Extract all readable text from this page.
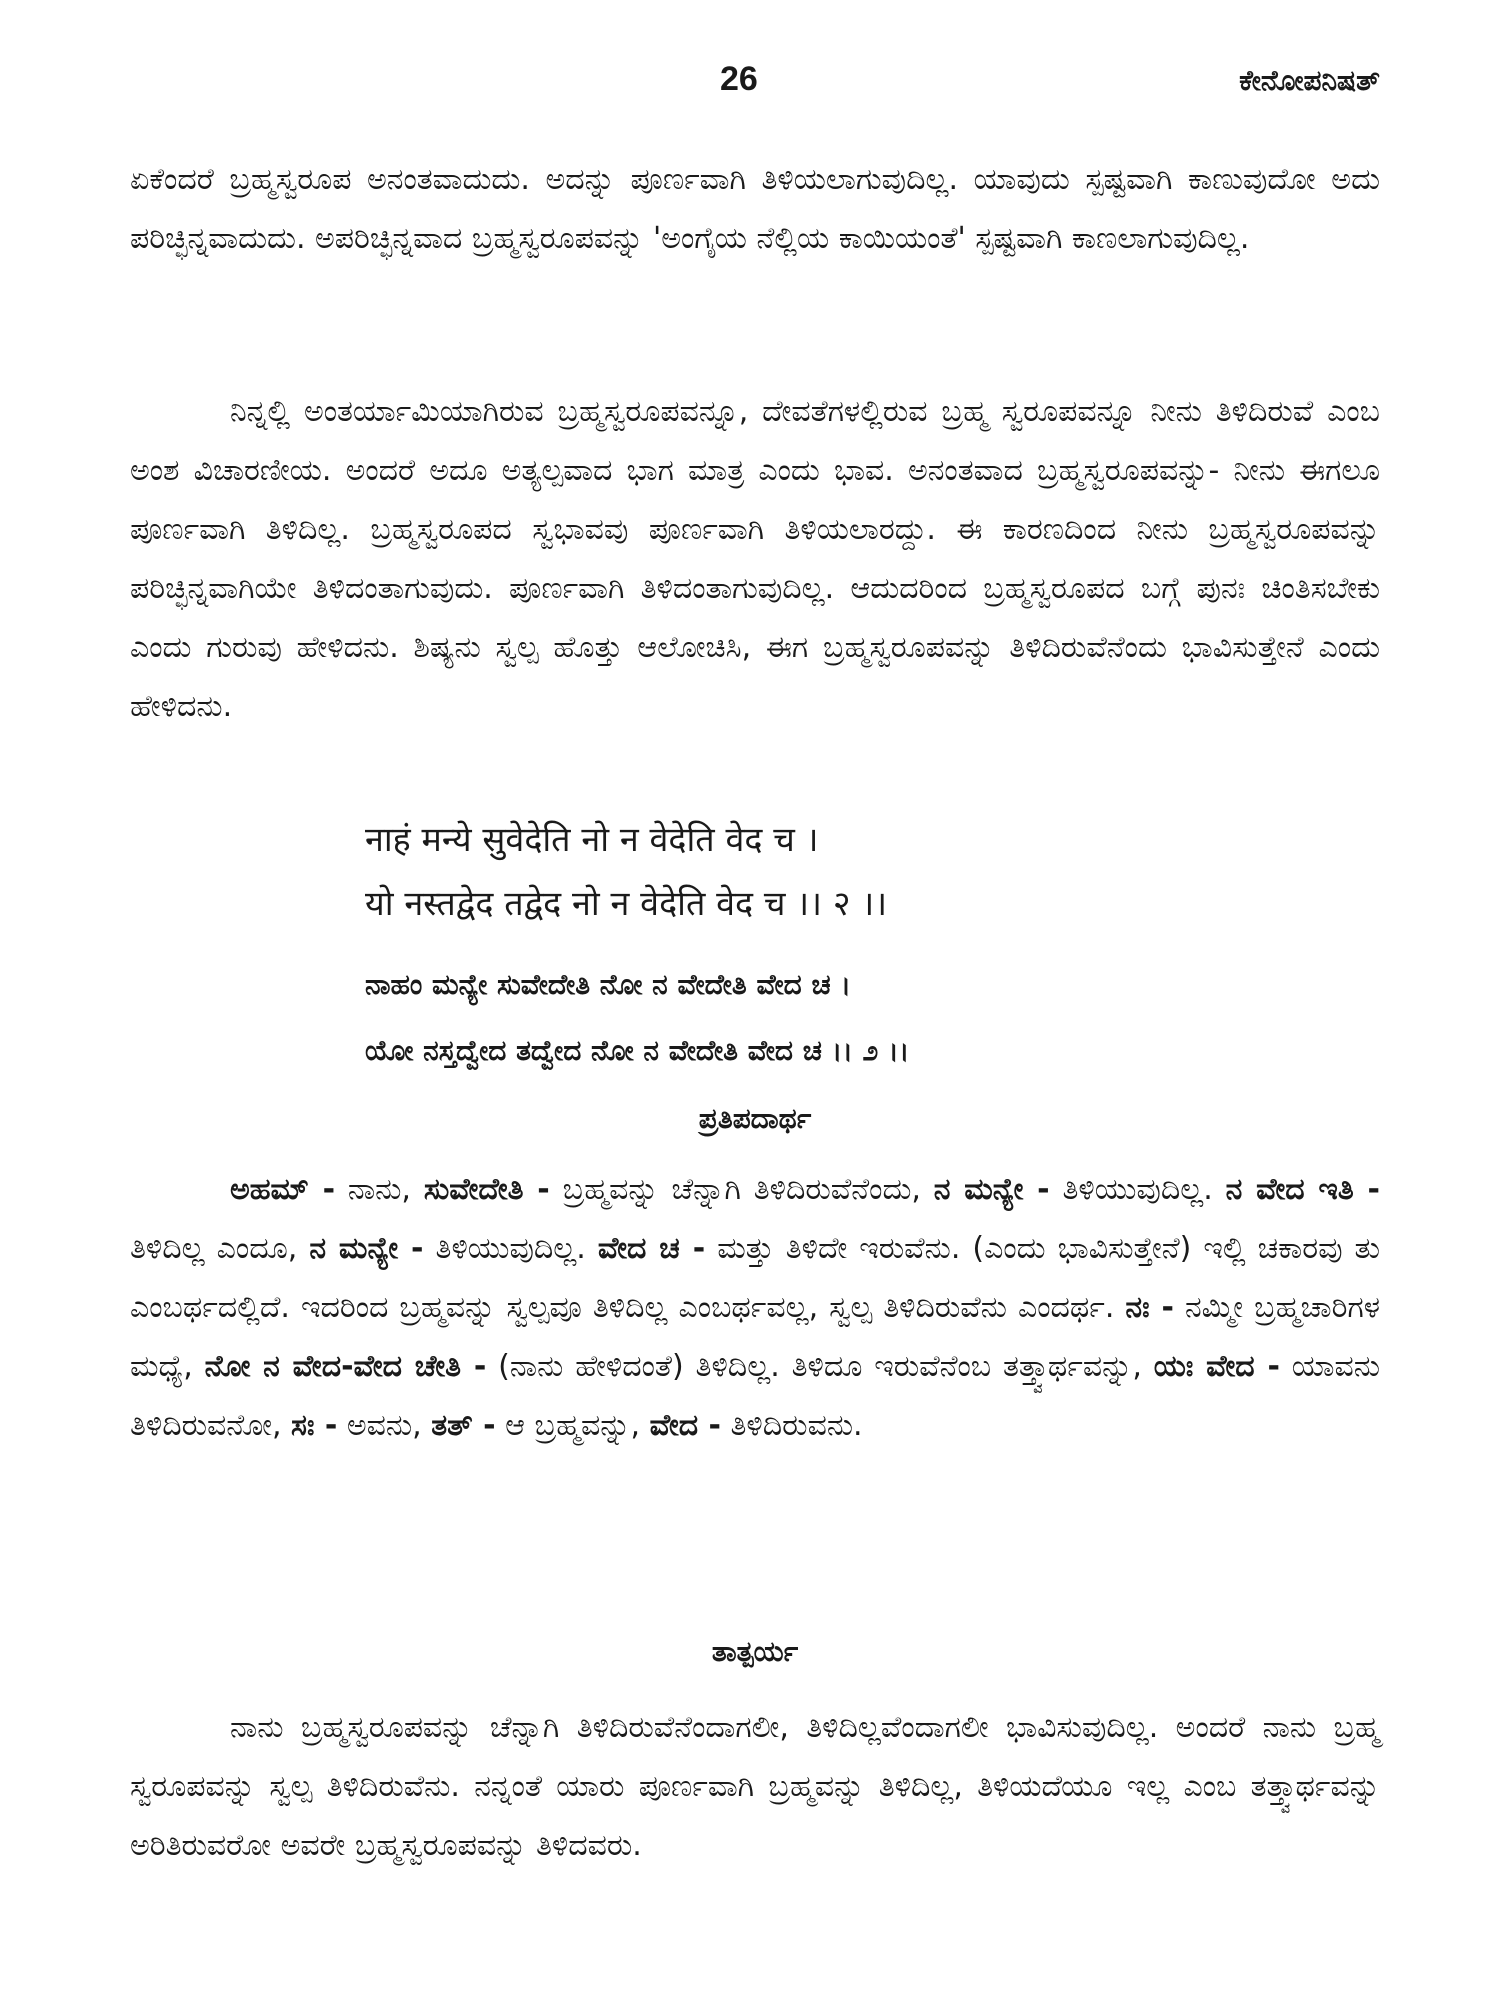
26	ಕೇನೋಪನಿಷತ್

ಏಕೆಂದರೆ ಬ್ರಹ್ಮಸ್ವರೂಪ ಅನಂತವಾದುದು. ಅದನ್ನು ಪೂರ್ಣವಾಗಿ ತಿಳಿಯಲಾಗುವುದಿಲ್ಲ. ಯಾವುದು ಸ್ಪಷ್ಟವಾಗಿ ಕಾಣುವುದೋ ಅದು ಪರಿಚ್ಛಿನ್ನವಾದುದು. ಅಪರಿಚ್ಛಿನ್ನವಾದ ಬ್ರಹ್ಮಸ್ವರೂಪವನ್ನು 'ಅಂಗೈಯ ನೆಲ್ಲಿಯ ಕಾಯಿಯಂತೆ' ಸ್ಪಷ್ಟವಾಗಿ ಕಾಣಲಾಗುವುದಿಲ್ಲ.

ನಿನ್ನಲ್ಲಿ ಅಂತರ್ಯಾಮಿಯಾಗಿರುವ ಬ್ರಹ್ಮಸ್ವರೂಪವನ್ನೂ, ದೇವತೆಗಳಲ್ಲಿರುವ ಬ್ರಹ್ಮ ಸ್ವರೂಪವನ್ನೂ ನೀನು ತಿಳಿದಿರುವೆ ಎಂಬ ಅಂಶ ವಿಚಾರಣೀಯ. ಅಂದರೆ ಅದೂ ಅತ್ಯಲ್ಪವಾದ ಭಾಗ ಮಾತ್ರ ಎಂದು ಭಾವ. ಅನಂತವಾದ ಬ್ರಹ್ಮಸ್ವರೂಪವನ್ನು- ನೀನು ಈಗಲೂ ಪೂರ್ಣವಾಗಿ ತಿಳಿದಿಲ್ಲ. ಬ್ರಹ್ಮಸ್ವರೂಪದ ಸ್ವಭಾವವು ಪೂರ್ಣವಾಗಿ ತಿಳಿಯಲಾರದ್ದು. ಈ ಕಾರಣದಿಂದ ನೀನು ಬ್ರಹ್ಮಸ್ವರೂಪವನ್ನು ಪರಿಚ್ಛಿನ್ನವಾಗಿಯೇ ತಿಳಿದಂತಾಗುವುದು. ಪೂರ್ಣವಾಗಿ ತಿಳಿದಂತಾಗುವುದಿಲ್ಲ. ಆದುದರಿಂದ ಬ್ರಹ್ಮಸ್ವರೂಪದ ಬಗ್ಗೆ ಪುನಃ ಚಿಂತಿಸಬೇಕು ಎಂದು ಗುರುವು ಹೇಳಿದನು. ಶಿಷ್ಯನು ಸ್ವಲ್ಪ ಹೊತ್ತು ಆಲೋಚಿಸಿ, ಈಗ ಬ್ರಹ್ಮಸ್ವರೂಪವನ್ನು ತಿಳಿದಿರುವೆನೆಂದು ಭಾವಿಸುತ್ತೇನೆ ಎಂದು ಹೇಳಿದನು.

नाहं मन्ये सुवेदेति नो न वेदेति वेद च ।
यो नस्तद्वेद तद्वेद नो न वेदेति वेद च ।। २ ।।
ನಾಹಂ ಮನ್ಯೇ ಸುವೇದೇತಿ ನೋ ನ ವೇದೇತಿ ವೇದ ಚ ।
ಯೋ ನಸ್ತದ್ವೇದ ತದ್ವೇದ ನೋ ನ ವೇದೇತಿ ವೇದ ಚ ।। ೨ ।।
ಪ್ರತಿಪದಾರ್ಥ

ಅಹಮ್ - ನಾನು, ಸುವೇದೇತಿ - ಬ್ರಹ್ಮವನ್ನು ಚೆನ್ನಾಗಿ ತಿಳಿದಿರುವೆನೆಂದು, ನ ಮನ್ಯೇ - ತಿಳಿಯುವುದಿಲ್ಲ. ನ ವೇದ ಇತಿ - ತಿಳಿದಿಲ್ಲ ಎಂದೂ, ನ ಮನ್ಯೇ - ತಿಳಿಯುವುದಿಲ್ಲ. ವೇದ ಚ - ಮತ್ತು ತಿಳಿದೇ ಇರುವೆನು. (ಎಂದು ಭಾವಿಸುತ್ತೇನೆ) ಇಲ್ಲಿ ಚಕಾರವು ತು ಎಂಬರ್ಥದಲ್ಲಿದೆ. ಇದರಿಂದ ಬ್ರಹ್ಮವನ್ನು ಸ್ವಲ್ಪವೂ ತಿಳಿದಿಲ್ಲ ಎಂಬರ್ಥವಲ್ಲ, ಸ್ವಲ್ಪ ತಿಳಿದಿರುವೆನು ಎಂದರ್ಥ. ನಃ - ನಮ್ಮೀ ಬ್ರಹ್ಮಚಾರಿಗಳ ಮಧ್ಯೆ, ನೋ ನ ವೇದ-ವೇದ ಚೇತಿ - (ನಾನು ಹೇಳಿದಂತೆ) ತಿಳಿದಿಲ್ಲ. ತಿಳಿದೂ ಇರುವೆನೆಂಬ ತತ್ತ್ವಾರ್ಥವನ್ನು, ಯಃ ವೇದ - ಯಾವನು ತಿಳಿದಿರುವನೋ, ಸಃ - ಅವನು, ತತ್ - ಆ ಬ್ರಹ್ಮವನ್ನು, ವೇದ - ತಿಳಿದಿರುವನು.

ತಾತ್ಪರ್ಯ

ನಾನು ಬ್ರಹ್ಮಸ್ವರೂಪವನ್ನು ಚೆನ್ನಾಗಿ ತಿಳಿದಿರುವೆನೆಂದಾಗಲೀ, ತಿಳಿದಿಲ್ಲವೆಂದಾಗಲೀ ಭಾವಿಸುವುದಿಲ್ಲ. ಅಂದರೆ ನಾನು ಬ್ರಹ್ಮ ಸ್ವರೂಪವನ್ನು ಸ್ವಲ್ಪ ತಿಳಿದಿರುವೆನು. ನನ್ನಂತೆ ಯಾರು ಪೂರ್ಣವಾಗಿ ಬ್ರಹ್ಮವನ್ನು ತಿಳಿದಿಲ್ಲ, ತಿಳಿಯದೆಯೂ ಇಲ್ಲ ಎಂಬ ತತ್ತ್ವಾರ್ಥವನ್ನು ಅರಿತಿರುವರೋ ಅವರೇ ಬ್ರಹ್ಮಸ್ವರೂಪವನ್ನು ತಿಳಿದವರು.
